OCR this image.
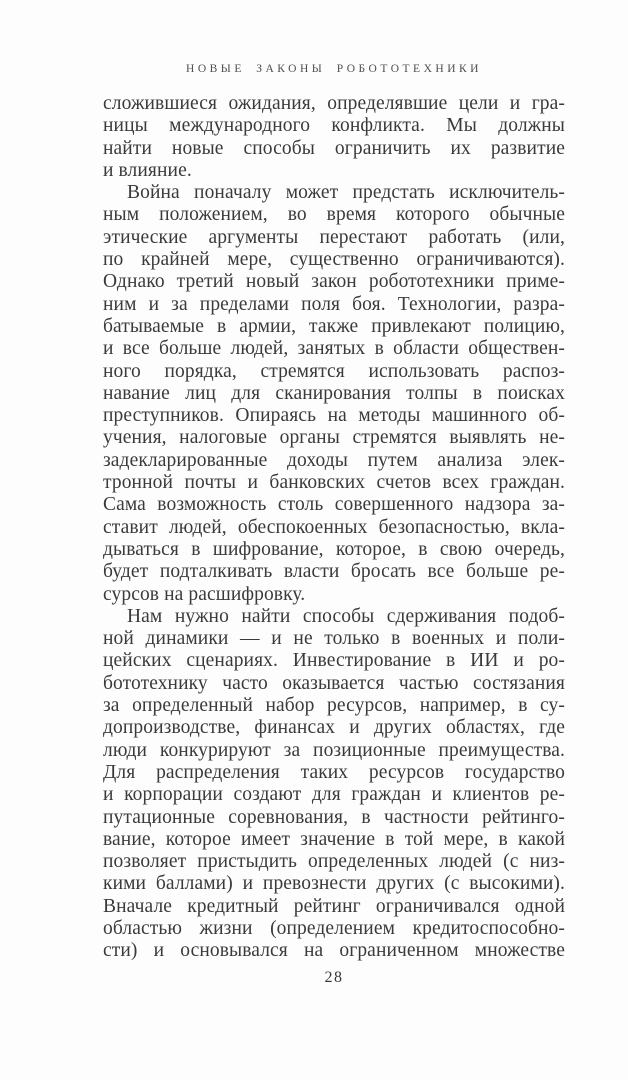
НОВЫЕ ЗАКОНЫ РОБОТОТЕХНИКИ
сложившиеся ожидания, определявшие цели и гра-
ницы международного конфликта. Мы должны
найти новые способы ограничить их развитие
и влияние.
Война поначалу может предстать исключитель-
ным положением, во время которого обычные
этические аргументы перестают работать (или,
по крайней мере, существенно ограничиваются).
Однако третий новый закон робототехники приме-
ним и за пределами поля боя. Технологии, разра-
батываемые в армии, также привлекают полицию,
и все больше людей, занятых в области обществен-
ного порядка, стремятся использовать распоз-
навание лиц для сканирования толпы в поисках
преступников. Опираясь на методы машинного об-
учения, налоговые органы стремятся выявлять не-
задекларированные доходы путем анализа элек-
тронной почты и банковских счетов всех граждан.
Сама возможность столь совершенного надзора за-
ставит людей, обеспокоенных безопасностью, вкла-
дываться в шифрование, которое, в свою очередь,
будет подталкивать власти бросать все больше ре-
сурсов на расшифровку.
Нам нужно найти способы сдерживания подоб-
ной динамики — и не только в военных и поли-
цейских сценариях. Инвестирование в ИИ и ро-
бототехнику часто оказывается частью состязания
за определенный набор ресурсов, например, в су-
допроизводстве, финансах и других областях, где
люди конкурируют за позиционные преимущества.
Для распределения таких ресурсов государство
и корпорации создают для граждан и клиентов ре-
путационные соревнования, в частности рейтинго-
вание, которое имеет значение в той мере, в какой
позволяет пристыдить определенных людей (с низ-
кими баллами) и превознести других (с высокими).
Вначале кредитный рейтинг ограничивался одной
областью жизни (определением кредитоспособно-
сти) и основывался на ограниченном множестве
28
